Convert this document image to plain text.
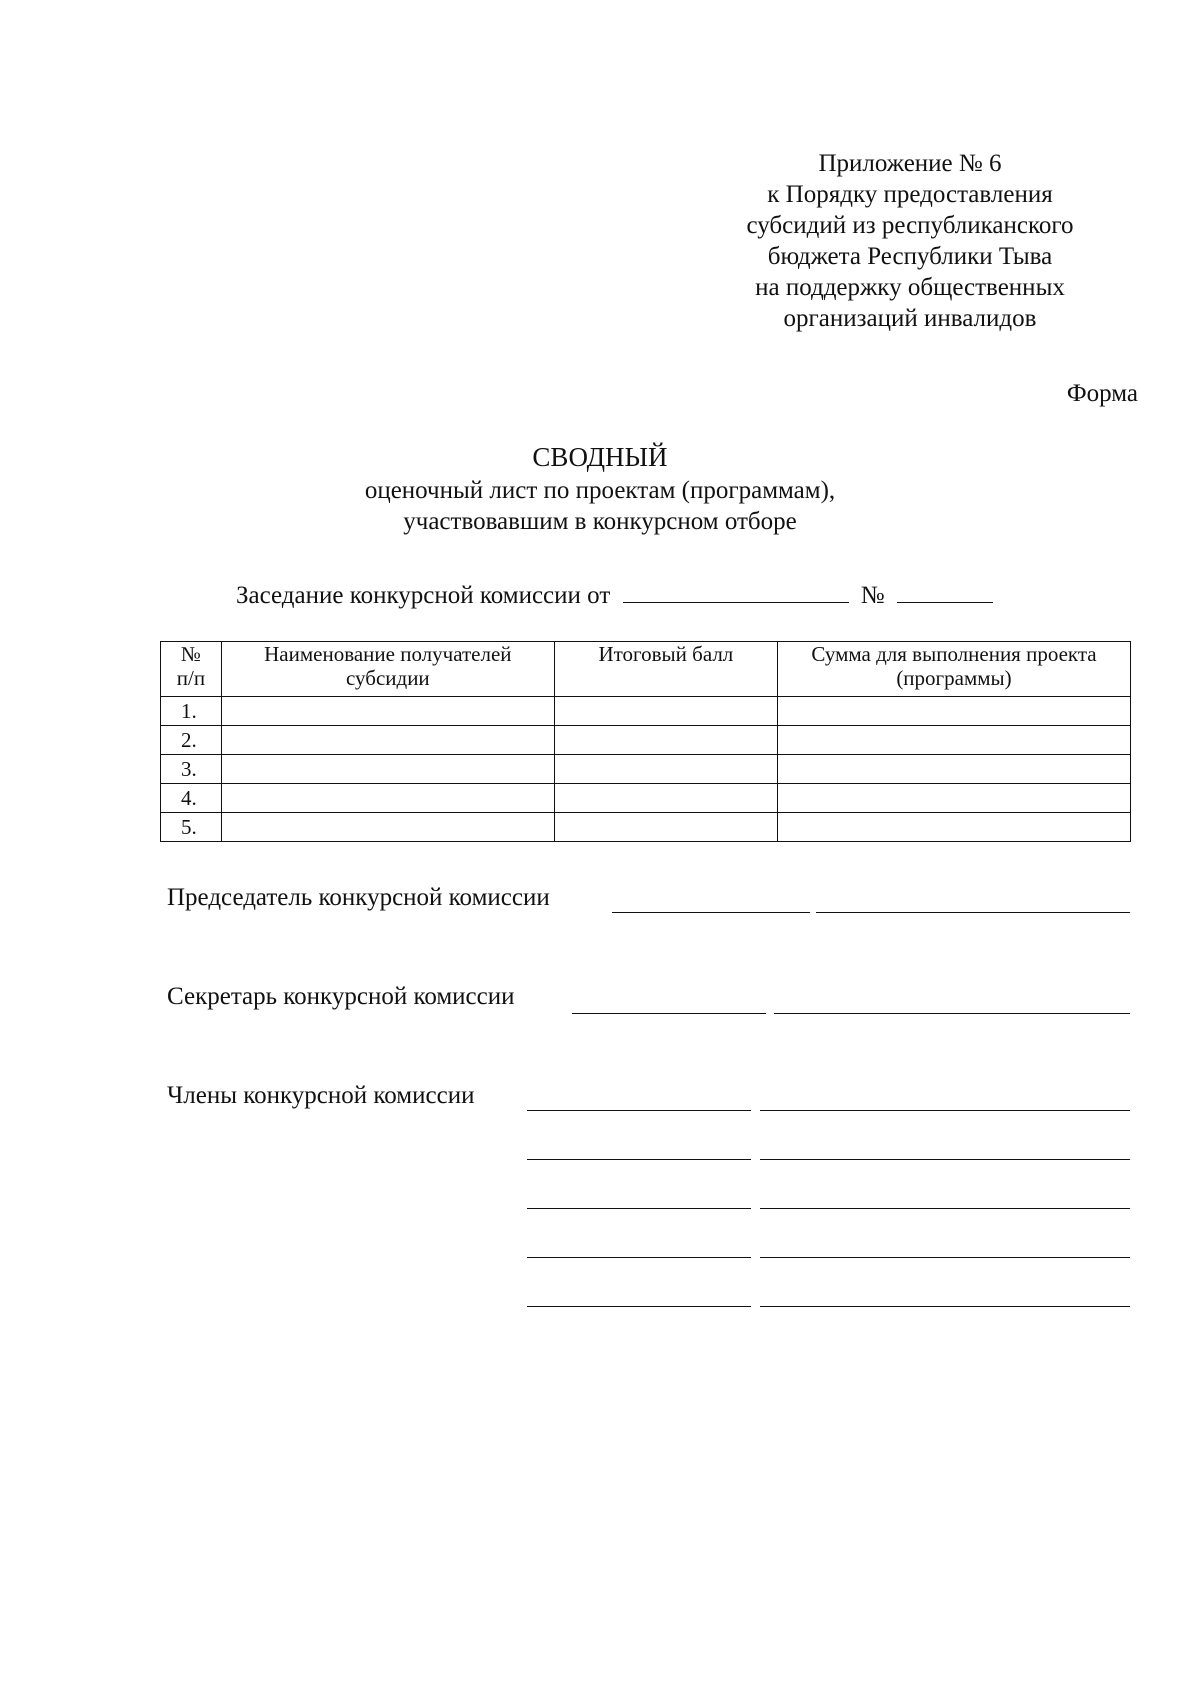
Приложение № 6
к Порядку предоставления
субсидий из республиканского
бюджета Республики Тыва
на поддержку общественных
организаций инвалидов
Форма
СВОДНЫЙ
оценочный лист по проектам (программам),
участвовавшим в конкурсном отборе
Заседание конкурсной комиссии от	№
№ п/п	Наименование получателей субсидии	Итоговый балл	Сумма для выполнения проекта (программы)
1.			
2.			
3.			
4.			
5.			
Председатель конкурсной комиссии
Секретарь конкурсной комиссии
Члены конкурсной комиссии
